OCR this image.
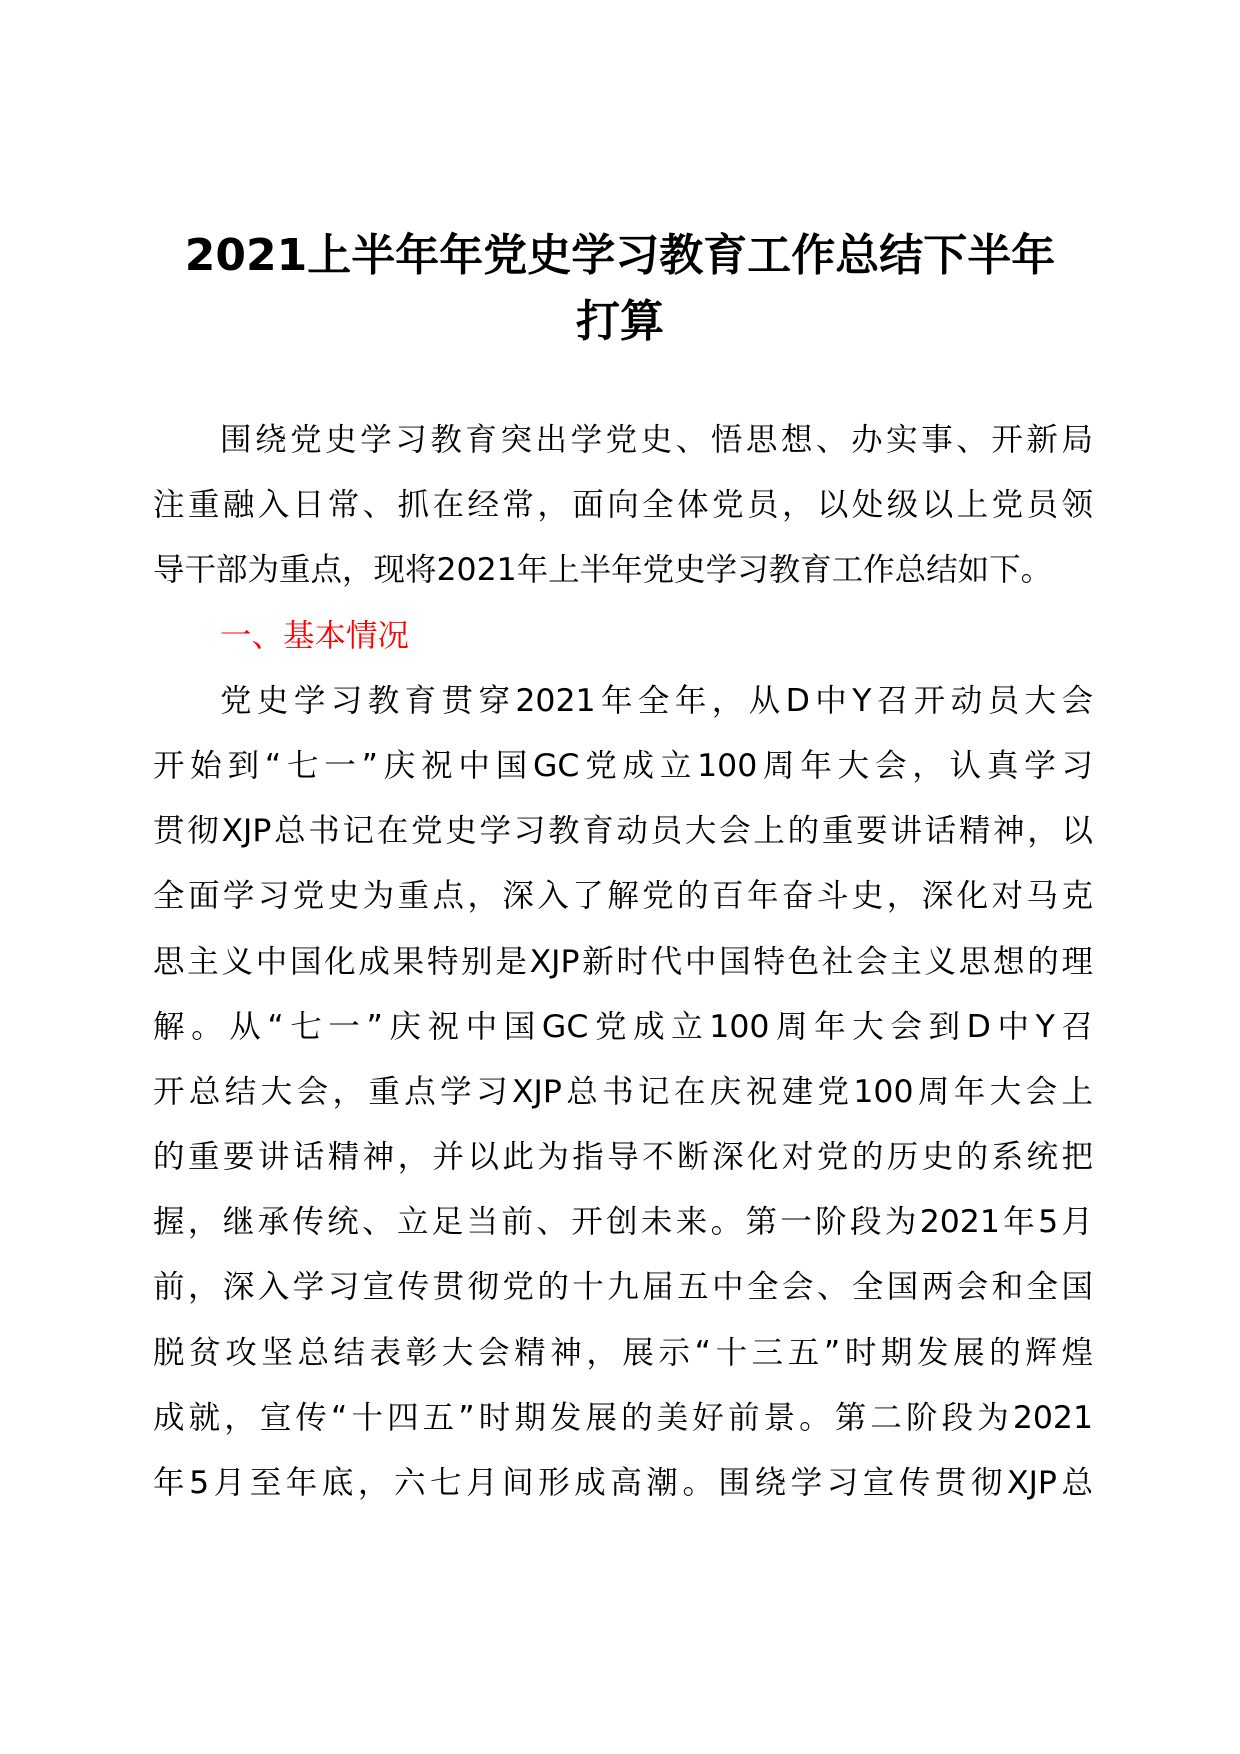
2021上半年年党史学习教育工作总结下半年
打算
围绕党史学习教育突出学党史、悟思想、办实事、开新局
注重融入日常、抓在经常，面向全体党员，以处级以上党员领
导干部为重点，现将2021年上半年党史学习教育工作总结如下。
一、基本情况
党史学习教育贯穿2021年全年，从D中Y召开动员大会
开始到“七一”庆祝中国GC党成立100周年大会，认真学习
贯彻XJP总书记在党史学习教育动员大会上的重要讲话精神，以
全面学习党史为重点，深入了解党的百年奋斗史，深化对马克
思主义中国化成果特别是XJP新时代中国特色社会主义思想的理
解。从“七一”庆祝中国GC党成立100周年大会到D中Y召
开总结大会，重点学习XJP总书记在庆祝建党100周年大会上
的重要讲话精神，并以此为指导不断深化对党的历史的系统把
握，继承传统、立足当前、开创未来。第一阶段为2021年5月
前，深入学习宣传贯彻党的十九届五中全会、全国两会和全国
脱贫攻坚总结表彰大会精神，展示“十三五”时期发展的辉煌
成就，宣传“十四五”时期发展的美好前景。第二阶段为2021
年5月至年底，六七月间形成高潮。围绕学习宣传贯彻XJP总
